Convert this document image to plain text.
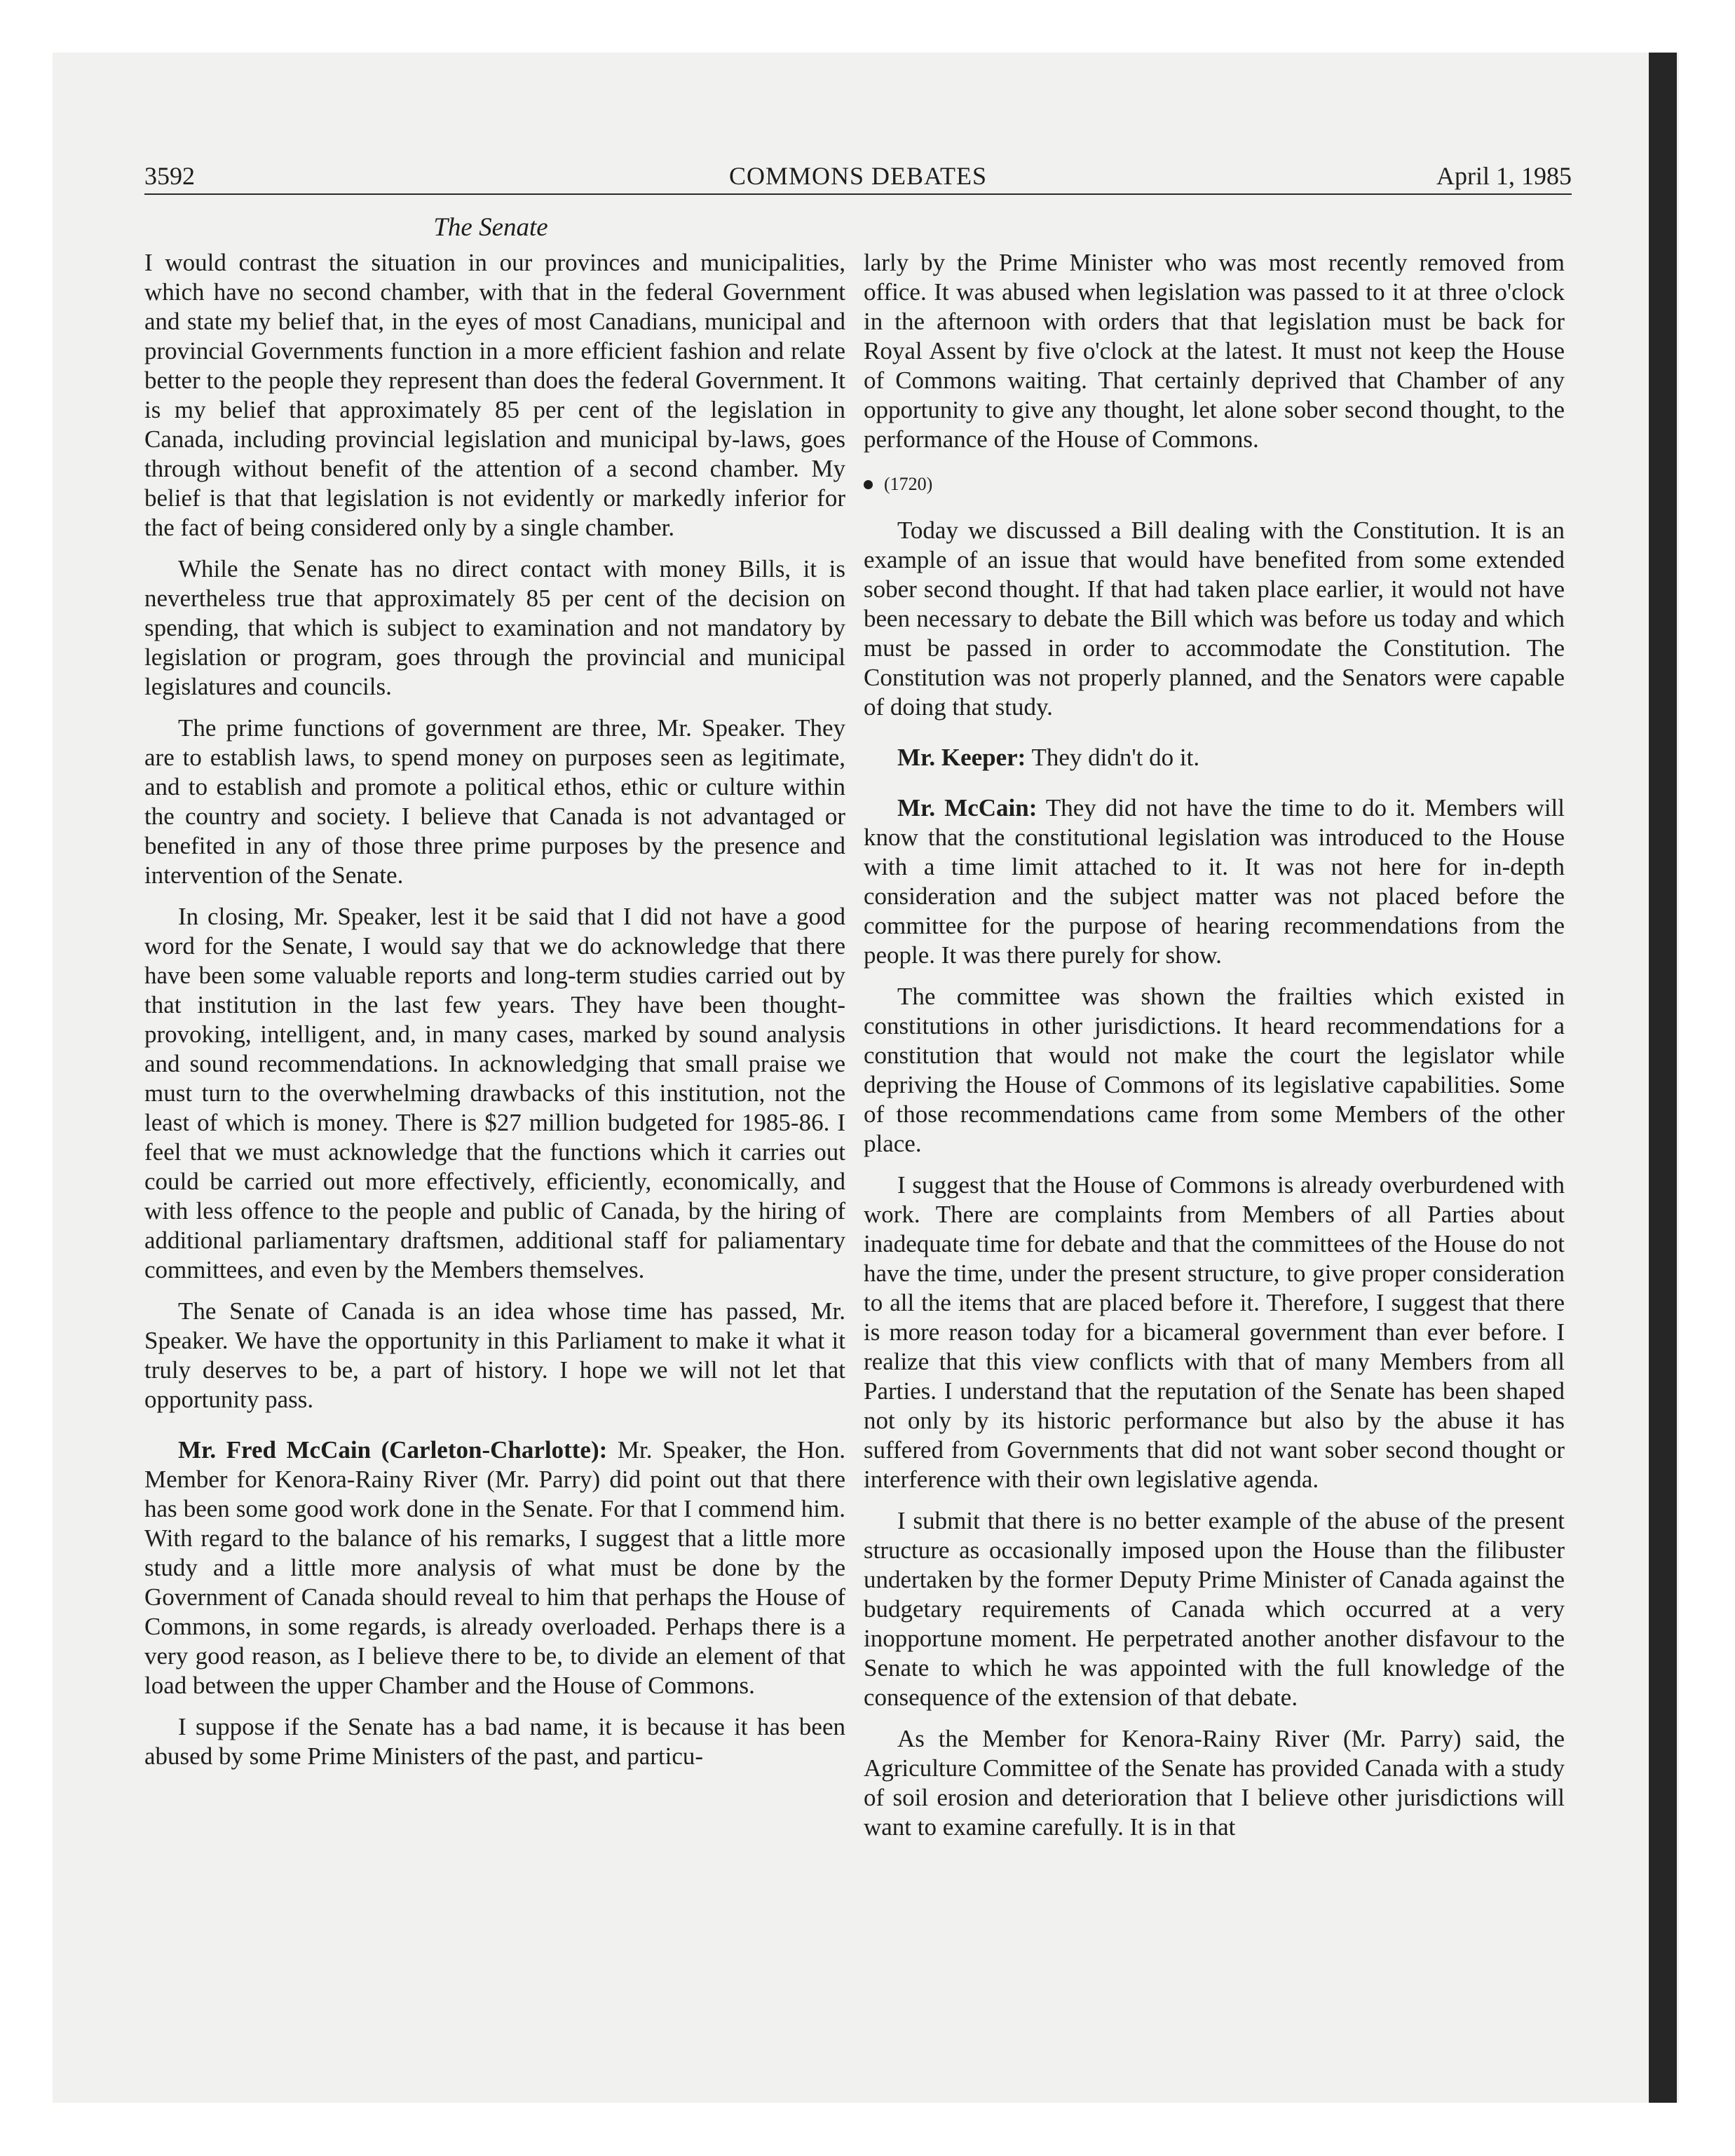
3592	COMMONS DEBATES	April 1, 1985
The Senate

I would contrast the situation in our provinces and municipalities, which have no second chamber, with that in the federal Government and state my belief that, in the eyes of most Canadians, municipal and provincial Governments function in a more efficient fashion and relate better to the people they represent than does the federal Government. It is my belief that approximately 85 per cent of the legislation in Canada, including provincial legislation and municipal by-laws, goes through without benefit of the attention of a second chamber. My belief is that that legislation is not evidently or markedly inferior for the fact of being considered only by a single chamber.

While the Senate has no direct contact with money Bills, it is nevertheless true that approximately 85 per cent of the decision on spending, that which is subject to examination and not mandatory by legislation or program, goes through the provincial and municipal legislatures and councils.

The prime functions of government are three, Mr. Speaker. They are to establish laws, to spend money on purposes seen as legitimate, and to establish and promote a political ethos, ethic or culture within the country and society. I believe that Canada is not advantaged or benefited in any of those three prime purposes by the presence and intervention of the Senate.

In closing, Mr. Speaker, lest it be said that I did not have a good word for the Senate, I would say that we do acknowledge that there have been some valuable reports and long-term studies carried out by that institution in the last few years. They have been thought-provoking, intelligent, and, in many cases, marked by sound analysis and sound recommendations. In acknowledging that small praise we must turn to the overwhelming drawbacks of this institution, not the least of which is money. There is $27 million budgeted for 1985-86. I feel that we must acknowledge that the functions which it carries out could be carried out more effectively, efficiently, economically, and with less offence to the people and public of Canada, by the hiring of additional parliamentary draftsmen, additional staff for paliamentary committees, and even by the Members themselves.

The Senate of Canada is an idea whose time has passed, Mr. Speaker. We have the opportunity in this Parliament to make it what it truly deserves to be, a part of history. I hope we will not let that opportunity pass.

Mr. Fred McCain (Carleton-Charlotte): Mr. Speaker, the Hon. Member for Kenora-Rainy River (Mr. Parry) did point out that there has been some good work done in the Senate. For that I commend him. With regard to the balance of his remarks, I suggest that a little more study and a little more analysis of what must be done by the Government of Canada should reveal to him that perhaps the House of Commons, in some regards, is already overloaded. Perhaps there is a very good reason, as I believe there to be, to divide an element of that load between the upper Chamber and the House of Commons.

I suppose if the Senate has a bad name, it is because it has been abused by some Prime Ministers of the past, and particu-

larly by the Prime Minister who was most recently removed from office. It was abused when legislation was passed to it at three o'clock in the afternoon with orders that that legislation must be back for Royal Assent by five o'clock at the latest. It must not keep the House of Commons waiting. That certainly deprived that Chamber of any opportunity to give any thought, let alone sober second thought, to the performance of the House of Commons.

(1720)

Today we discussed a Bill dealing with the Constitution. It is an example of an issue that would have benefited from some extended sober second thought. If that had taken place earlier, it would not have been necessary to debate the Bill which was before us today and which must be passed in order to accommodate the Constitution. The Constitution was not properly planned, and the Senators were capable of doing that study.

Mr. Keeper: They didn't do it.

Mr. McCain: They did not have the time to do it. Members will know that the constitutional legislation was introduced to the House with a time limit attached to it. It was not here for in-depth consideration and the subject matter was not placed before the committee for the purpose of hearing recommendations from the people. It was there purely for show.

The committee was shown the frailties which existed in constitutions in other jurisdictions. It heard recommendations for a constitution that would not make the court the legislator while depriving the House of Commons of its legislative capabilities. Some of those recommendations came from some Members of the other place.

I suggest that the House of Commons is already overburdened with work. There are complaints from Members of all Parties about inadequate time for debate and that the committees of the House do not have the time, under the present structure, to give proper consideration to all the items that are placed before it. Therefore, I suggest that there is more reason today for a bicameral government than ever before. I realize that this view conflicts with that of many Members from all Parties. I understand that the reputation of the Senate has been shaped not only by its historic performance but also by the abuse it has suffered from Governments that did not want sober second thought or interference with their own legislative agenda.

I submit that there is no better example of the abuse of the present structure as occasionally imposed upon the House than the filibuster undertaken by the former Deputy Prime Minister of Canada against the budgetary requirements of Canada which occurred at a very inopportune moment. He perpetrated another another disfavour to the Senate to which he was appointed with the full knowledge of the consequence of the extension of that debate.

As the Member for Kenora-Rainy River (Mr. Parry) said, the Agriculture Committee of the Senate has provided Canada with a study of soil erosion and deterioration that I believe other jurisdictions will want to examine carefully. It is in that
